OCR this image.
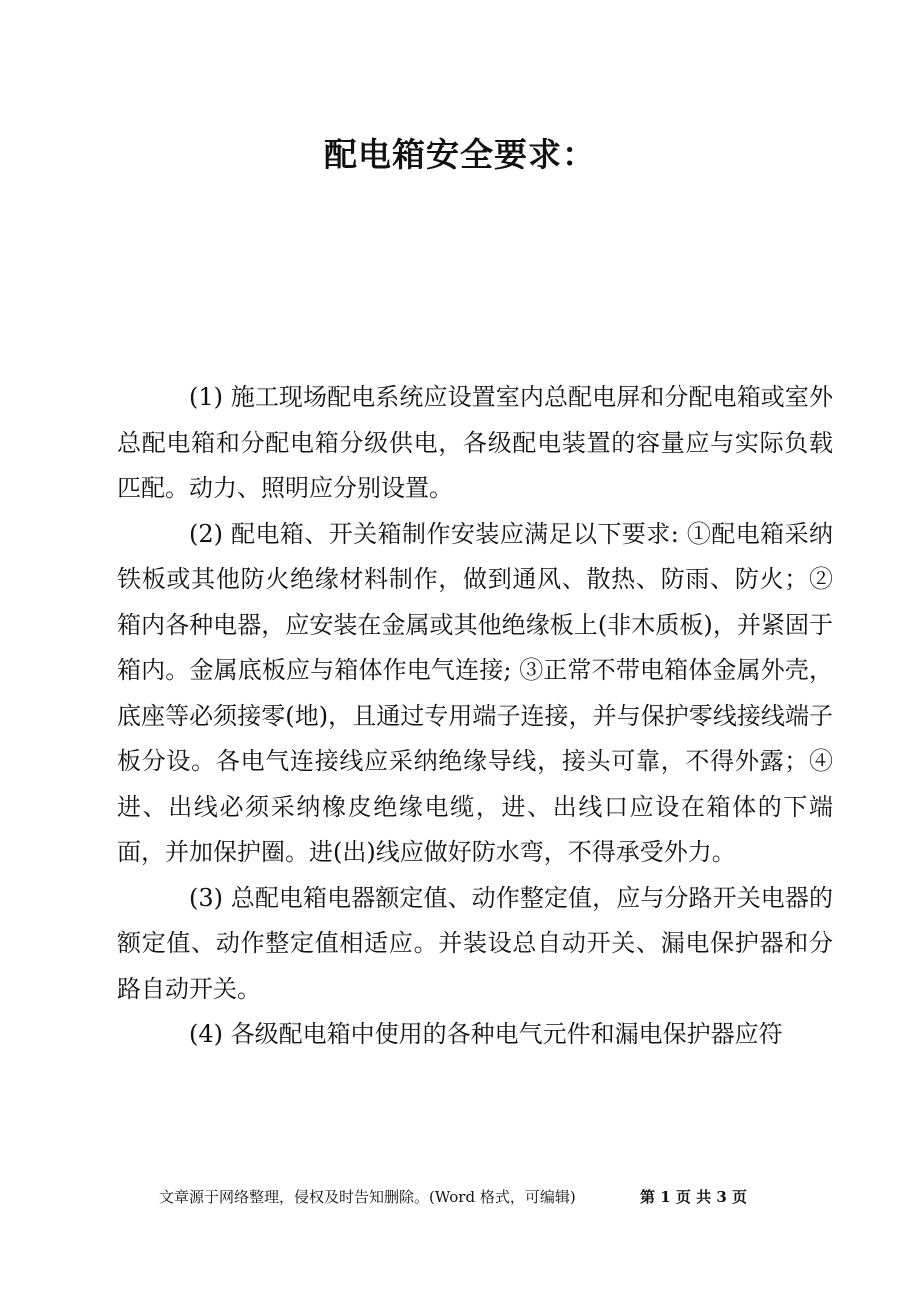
配电箱安全要求：

(1) 施工现场配电系统应设置室内总配电屏和分配电箱或室外总配电箱和分配电箱分级供电，各级配电装置的容量应与实际负载匹配。动力、照明应分别设置。

(2) 配电箱、开关箱制作安装应满足以下要求: ①配电箱采纳铁板或其他防火绝缘材料制作，做到通风、散热、防雨、防火；②箱内各种电器，应安装在金属或其他绝缘板上(非木质板)，并紧固于箱内。金属底板应与箱体作电气连接; ③正常不带电箱体金属外壳，底座等必须接零(地)，且通过专用端子连接，并与保护零线接线端子板分设。各电气连接线应采纳绝缘导线，接头可靠，不得外露；④进、出线必须采纳橡皮绝缘电缆，进、出线口应设在箱体的下端面，并加保护圈。进(出)线应做好防水弯，不得承受外力。

(3) 总配电箱电器额定值、动作整定值，应与分路开关电器的额定值、动作整定值相适应。并装设总自动开关、漏电保护器和分路自动开关。

(4) 各级配电箱中使用的各种电气元件和漏电保护器应符

文章源于网络整理，侵权及时告知删除。(Word 格式，可编辑)	第 1 页 共 3 页
